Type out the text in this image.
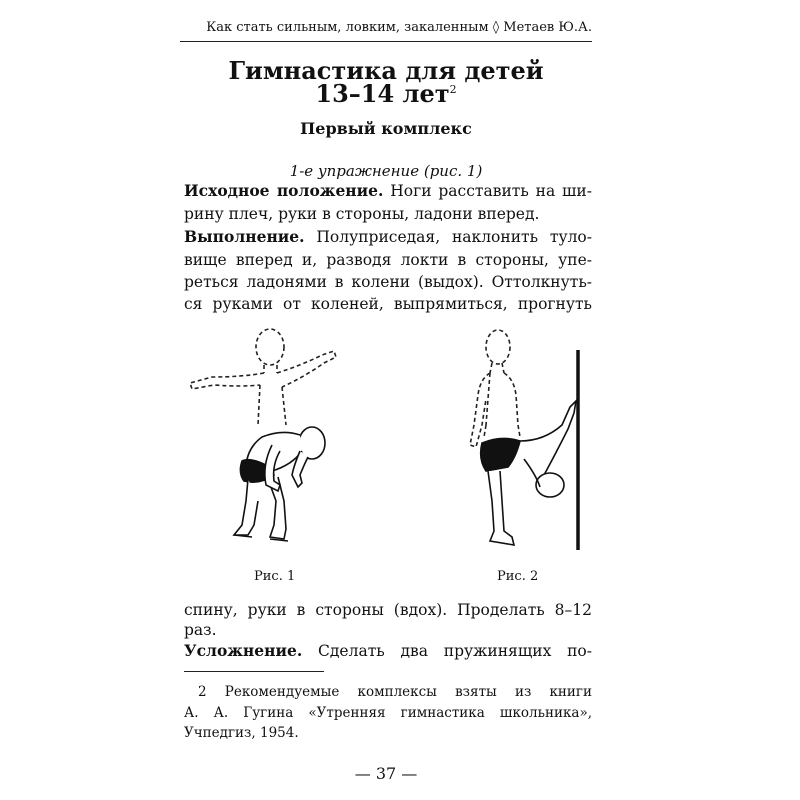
Как стать сильным, ловким, закаленным ◊ Метаев Ю.А.
Гимнастика для детей
13–14 лет$^2$
Первый комплекс
1-е упражнение (рис. 1)
Исходное положение. Ноги расставить на ши-
рину плеч, руки в стороны, ладони вперед.
Выполнение. Полуприседая, наклонить туло-
вище вперед и, разводя локти в стороны, упе-
реться ладонями в колени (выдох). Оттолкнуть-
ся руками от коленей, выпрямиться, прогнуть
Рис. 1	Рис. 2
спину, руки в стороны (вдох). Проделать 8–12
раз.
Усложнение. Сделать два пружинящих по-
2 Рекомендуемые комплексы взяты из книги
А. А. Гугина «Утренняя гимнастика школьника»,
Учпедгиз, 1954.
— 37 —
